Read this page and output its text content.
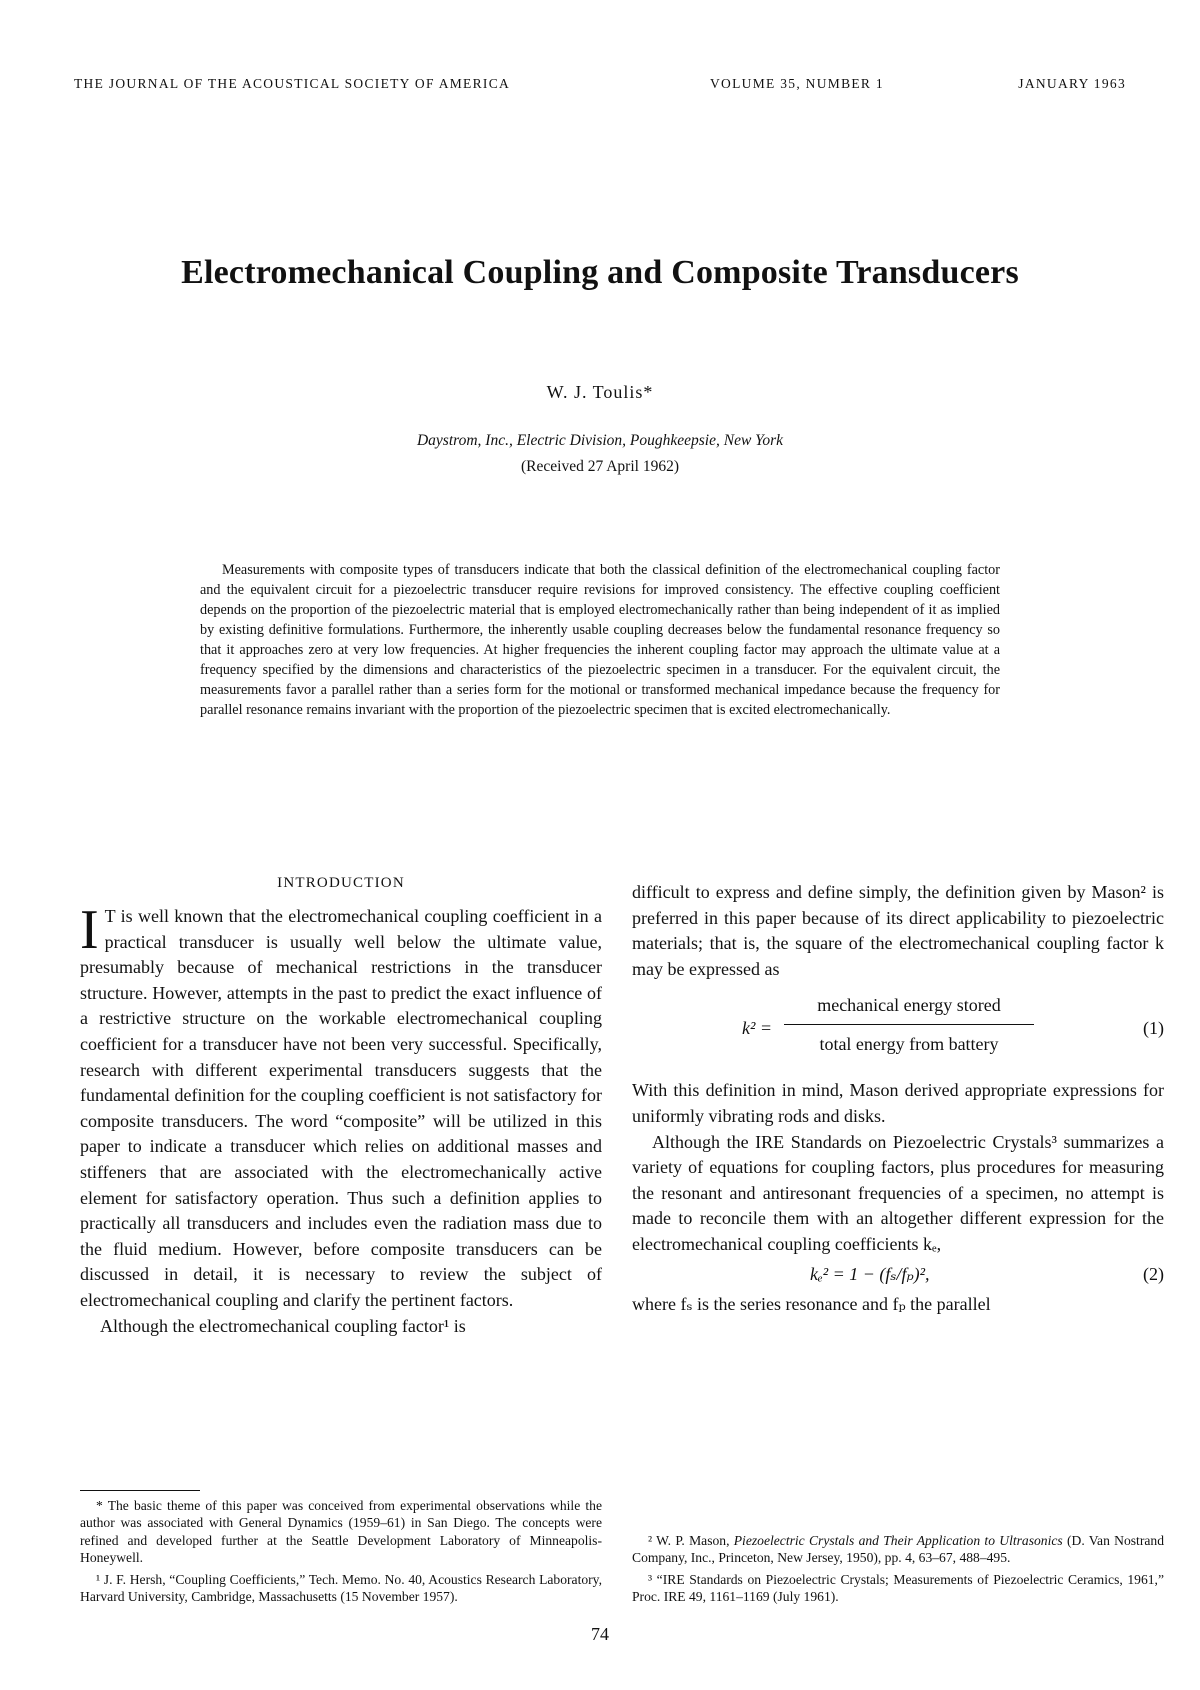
THE JOURNAL OF THE ACOUSTICAL SOCIETY OF AMERICA	VOLUME 35, NUMBER 1	JANUARY 1963
Electromechanical Coupling and Composite Transducers
W. J. Toulis*
Daystrom, Inc., Electric Division, Poughkeepsie, New York
(Received 27 April 1962)
Measurements with composite types of transducers indicate that both the classical definition of the electromechanical coupling factor and the equivalent circuit for a piezoelectric transducer require revisions for improved consistency. The effective coupling coefficient depends on the proportion of the piezoelectric material that is employed electromechanically rather than being independent of it as implied by existing definitive formulations. Furthermore, the inherently usable coupling decreases below the fundamental resonance frequency so that it approaches zero at very low frequencies. At higher frequencies the inherent coupling factor may approach the ultimate value at a frequency specified by the dimensions and characteristics of the piezoelectric specimen in a transducer. For the equivalent circuit, the measurements favor a parallel rather than a series form for the motional or transformed mechanical impedance because the frequency for parallel resonance remains invariant with the proportion of the piezoelectric specimen that is excited electromechanically.
INTRODUCTION

I T is well known that the electromechanical coupling coefficient in a practical transducer is usually well below the ultimate value, presumably because of mechanical restrictions in the transducer structure. However, attempts in the past to predict the exact influence of a restrictive structure on the workable electromechanical coupling coefficient for a transducer have not been very successful. Specifically, research with different experimental transducers suggests that the fundamental definition for the coupling coefficient is not satisfactory for composite transducers. The word “composite” will be utilized in this paper to indicate a transducer which relies on additional masses and stiffeners that are associated with the electromechanically active element for satisfactory operation. Thus such a definition applies to practically all transducers and includes even the radiation mass due to the fluid medium. However, before composite transducers can be discussed in detail, it is necessary to review the subject of electromechanical coupling and clarify the pertinent factors.

Although the electromechanical coupling factor¹ is

difficult to express and define simply, the definition given by Mason² is preferred in this paper because of its direct applicability to piezoelectric materials; that is, the square of the electromechanical coupling factor k may be expressed as

k² =
mechanical energy stored
total energy from battery
(1)

With this definition in mind, Mason derived appropriate expressions for uniformly vibrating rods and disks.

Although the IRE Standards on Piezoelectric Crystals³ summarizes a variety of equations for coupling factors, plus procedures for measuring the resonant and antiresonant frequencies of a specimen, no attempt is made to reconcile them with an altogether different expression for the electromechanical coupling coefficients kₑ,

kₑ² = 1 − (fₛ/fₚ)²,	(2)

where fₛ is the series resonance and fₚ the parallel

* The basic theme of this paper was conceived from experimental observations while the author was associated with General Dynamics (1959–61) in San Diego. The concepts were refined and developed further at the Seattle Development Laboratory of Minneapolis-Honeywell.

¹ J. F. Hersh, “Coupling Coefficients,” Tech. Memo. No. 40, Acoustics Research Laboratory, Harvard University, Cambridge, Massachusetts (15 November 1957).

² W. P. Mason, Piezoelectric Crystals and Their Application to Ultrasonics (D. Van Nostrand Company, Inc., Princeton, New Jersey, 1950), pp. 4, 63–67, 488–495.

³ “IRE Standards on Piezoelectric Crystals; Measurements of Piezoelectric Ceramics, 1961,” Proc. IRE 49, 1161–1169 (July 1961).

74
